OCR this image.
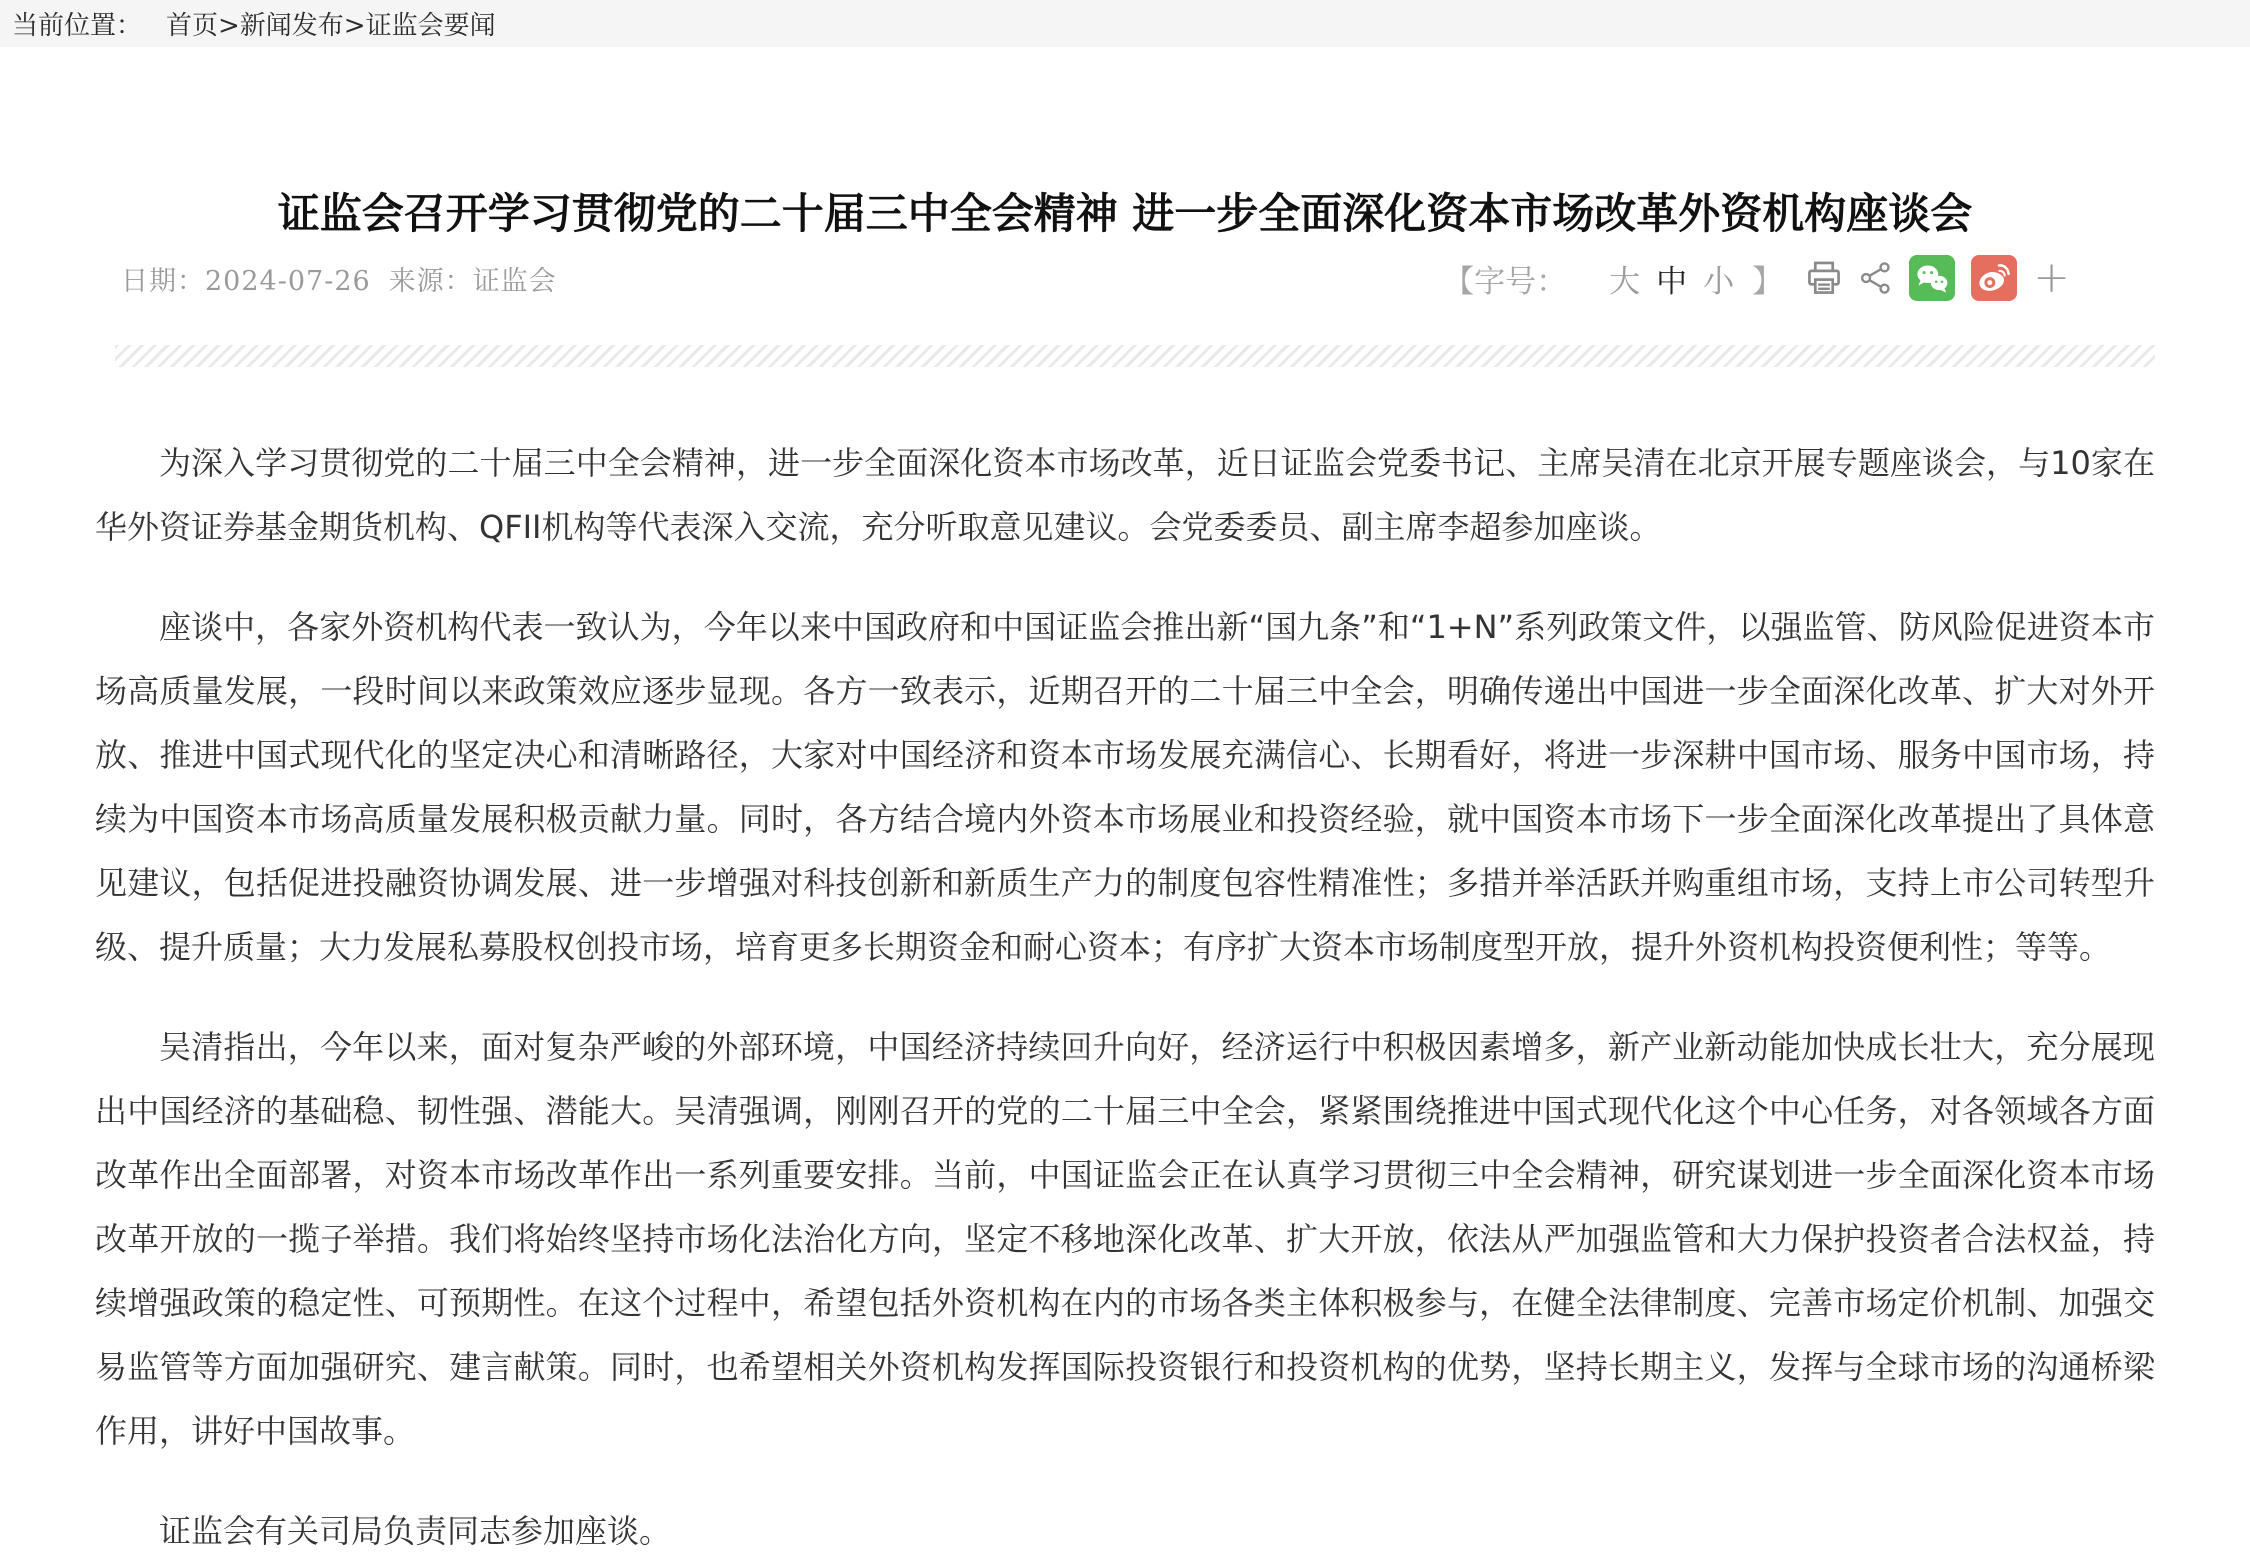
当前位置： 首页>新闻发布>证监会要闻
证监会召开学习贯彻党的二十届三中全会精神 进一步全面深化资本市场改革外资机构座谈会
日期：2024-07-26 来源：证监会	【字号： 大 中 小 】	+

为深入学习贯彻党的二十届三中全会精神，进一步全面深化资本市场改革，近日证监会党委书记、主席吴清在北京开展专题座谈会，与10家在华外资证券基金期货机构、QFII机构等代表深入交流，充分听取意见建议。会党委委员、副主席李超参加座谈。

座谈中，各家外资机构代表一致认为，今年以来中国政府和中国证监会推出新“国九条”和“1+N”系列政策文件，以强监管、防风险促进资本市场高质量发展，一段时间以来政策效应逐步显现。各方一致表示，近期召开的二十届三中全会，明确传递出中国进一步全面深化改革、扩大对外开放、推进中国式现代化的坚定决心和清晰路径，大家对中国经济和资本市场发展充满信心、长期看好，将进一步深耕中国市场、服务中国市场，持续为中国资本市场高质量发展积极贡献力量。同时，各方结合境内外资本市场展业和投资经验，就中国资本市场下一步全面深化改革提出了具体意见建议，包括促进投融资协调发展、进一步增强对科技创新和新质生产力的制度包容性精准性；多措并举活跃并购重组市场，支持上市公司转型升级、提升质量；大力发展私募股权创投市场，培育更多长期资金和耐心资本；有序扩大资本市场制度型开放，提升外资机构投资便利性；等等。

吴清指出，今年以来，面对复杂严峻的外部环境，中国经济持续回升向好，经济运行中积极因素增多，新产业新动能加快成长壮大，充分展现出中国经济的基础稳、韧性强、潜能大。吴清强调，刚刚召开的党的二十届三中全会，紧紧围绕推进中国式现代化这个中心任务，对各领域各方面改革作出全面部署，对资本市场改革作出一系列重要安排。当前，中国证监会正在认真学习贯彻三中全会精神，研究谋划进一步全面深化资本市场改革开放的一揽子举措。我们将始终坚持市场化法治化方向，坚定不移地深化改革、扩大开放，依法从严加强监管和大力保护投资者合法权益，持续增强政策的稳定性、可预期性。在这个过程中，希望包括外资机构在内的市场各类主体积极参与，在健全法律制度、完善市场定价机制、加强交易监管等方面加强研究、建言献策。同时，也希望相关外资机构发挥国际投资银行和投资机构的优势，坚持长期主义，发挥与全球市场的沟通桥梁作用，讲好中国故事。

证监会有关司局负责同志参加座谈。
